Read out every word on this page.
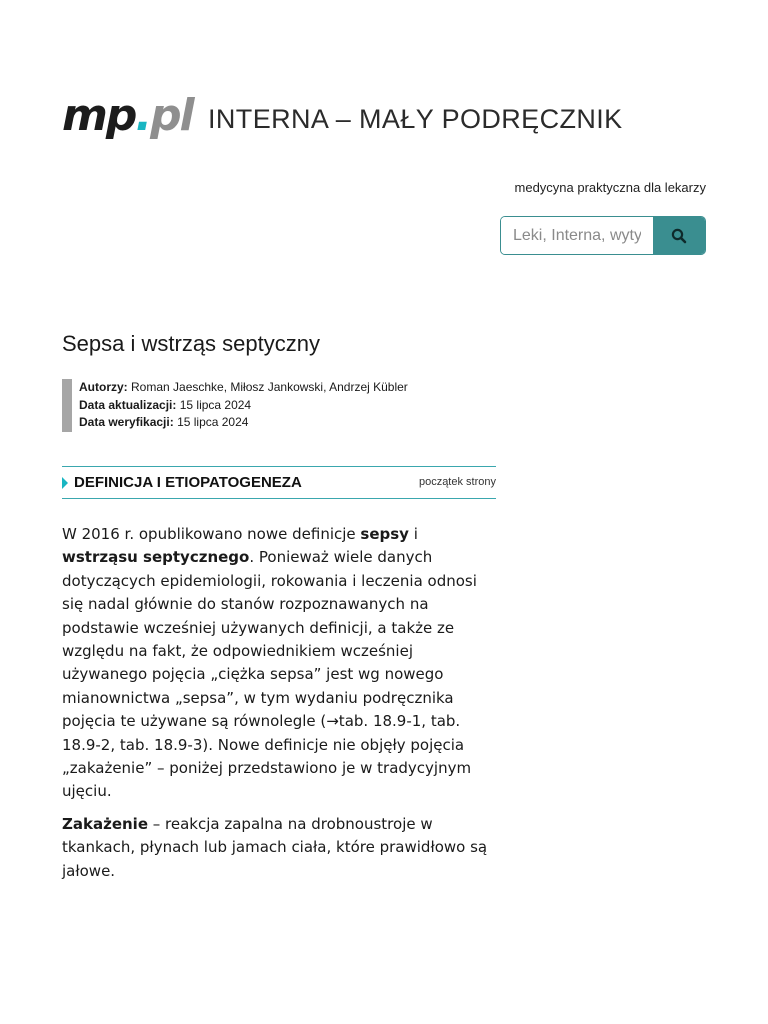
mp.pl INTERNA – MAŁY PODRĘCZNIK
medycyna praktyczna dla lekarzy
Leki, Interna, wytyczne...
Sepsa i wstrząs septyczny
Autorzy: Roman Jaeschke, Miłosz Jankowski, Andrzej Kübler
Data aktualizacji: 15 lipca 2024
Data weryfikacji: 15 lipca 2024
DEFINICJA I ETIOPATOGENEZA	początek strony

W 2016 r. opublikowano nowe definicje sepsy i wstrząsu septycznego. Ponieważ wiele danych dotyczących epidemiologii, rokowania i leczenia odnosi się nadal głównie do stanów rozpoznawanych na podstawie wcześniej używanych definicji, a także ze względu na fakt, że odpowiednikiem wcześniej używanego pojęcia „ciężka sepsa” jest wg nowego mianownictwa „sepsa”, w tym wydaniu podręcznika pojęcia te używane są równolegle (→tab. 18.9-1, tab. 18.9-2, tab. 18.9-3). Nowe definicje nie objęły pojęcia „zakażenie” – poniżej przedstawiono je w tradycyjnym ujęciu.

Zakażenie – reakcja zapalna na drobnoustroje w tkankach, płynach lub jamach ciała, które prawidłowo są jałowe.
